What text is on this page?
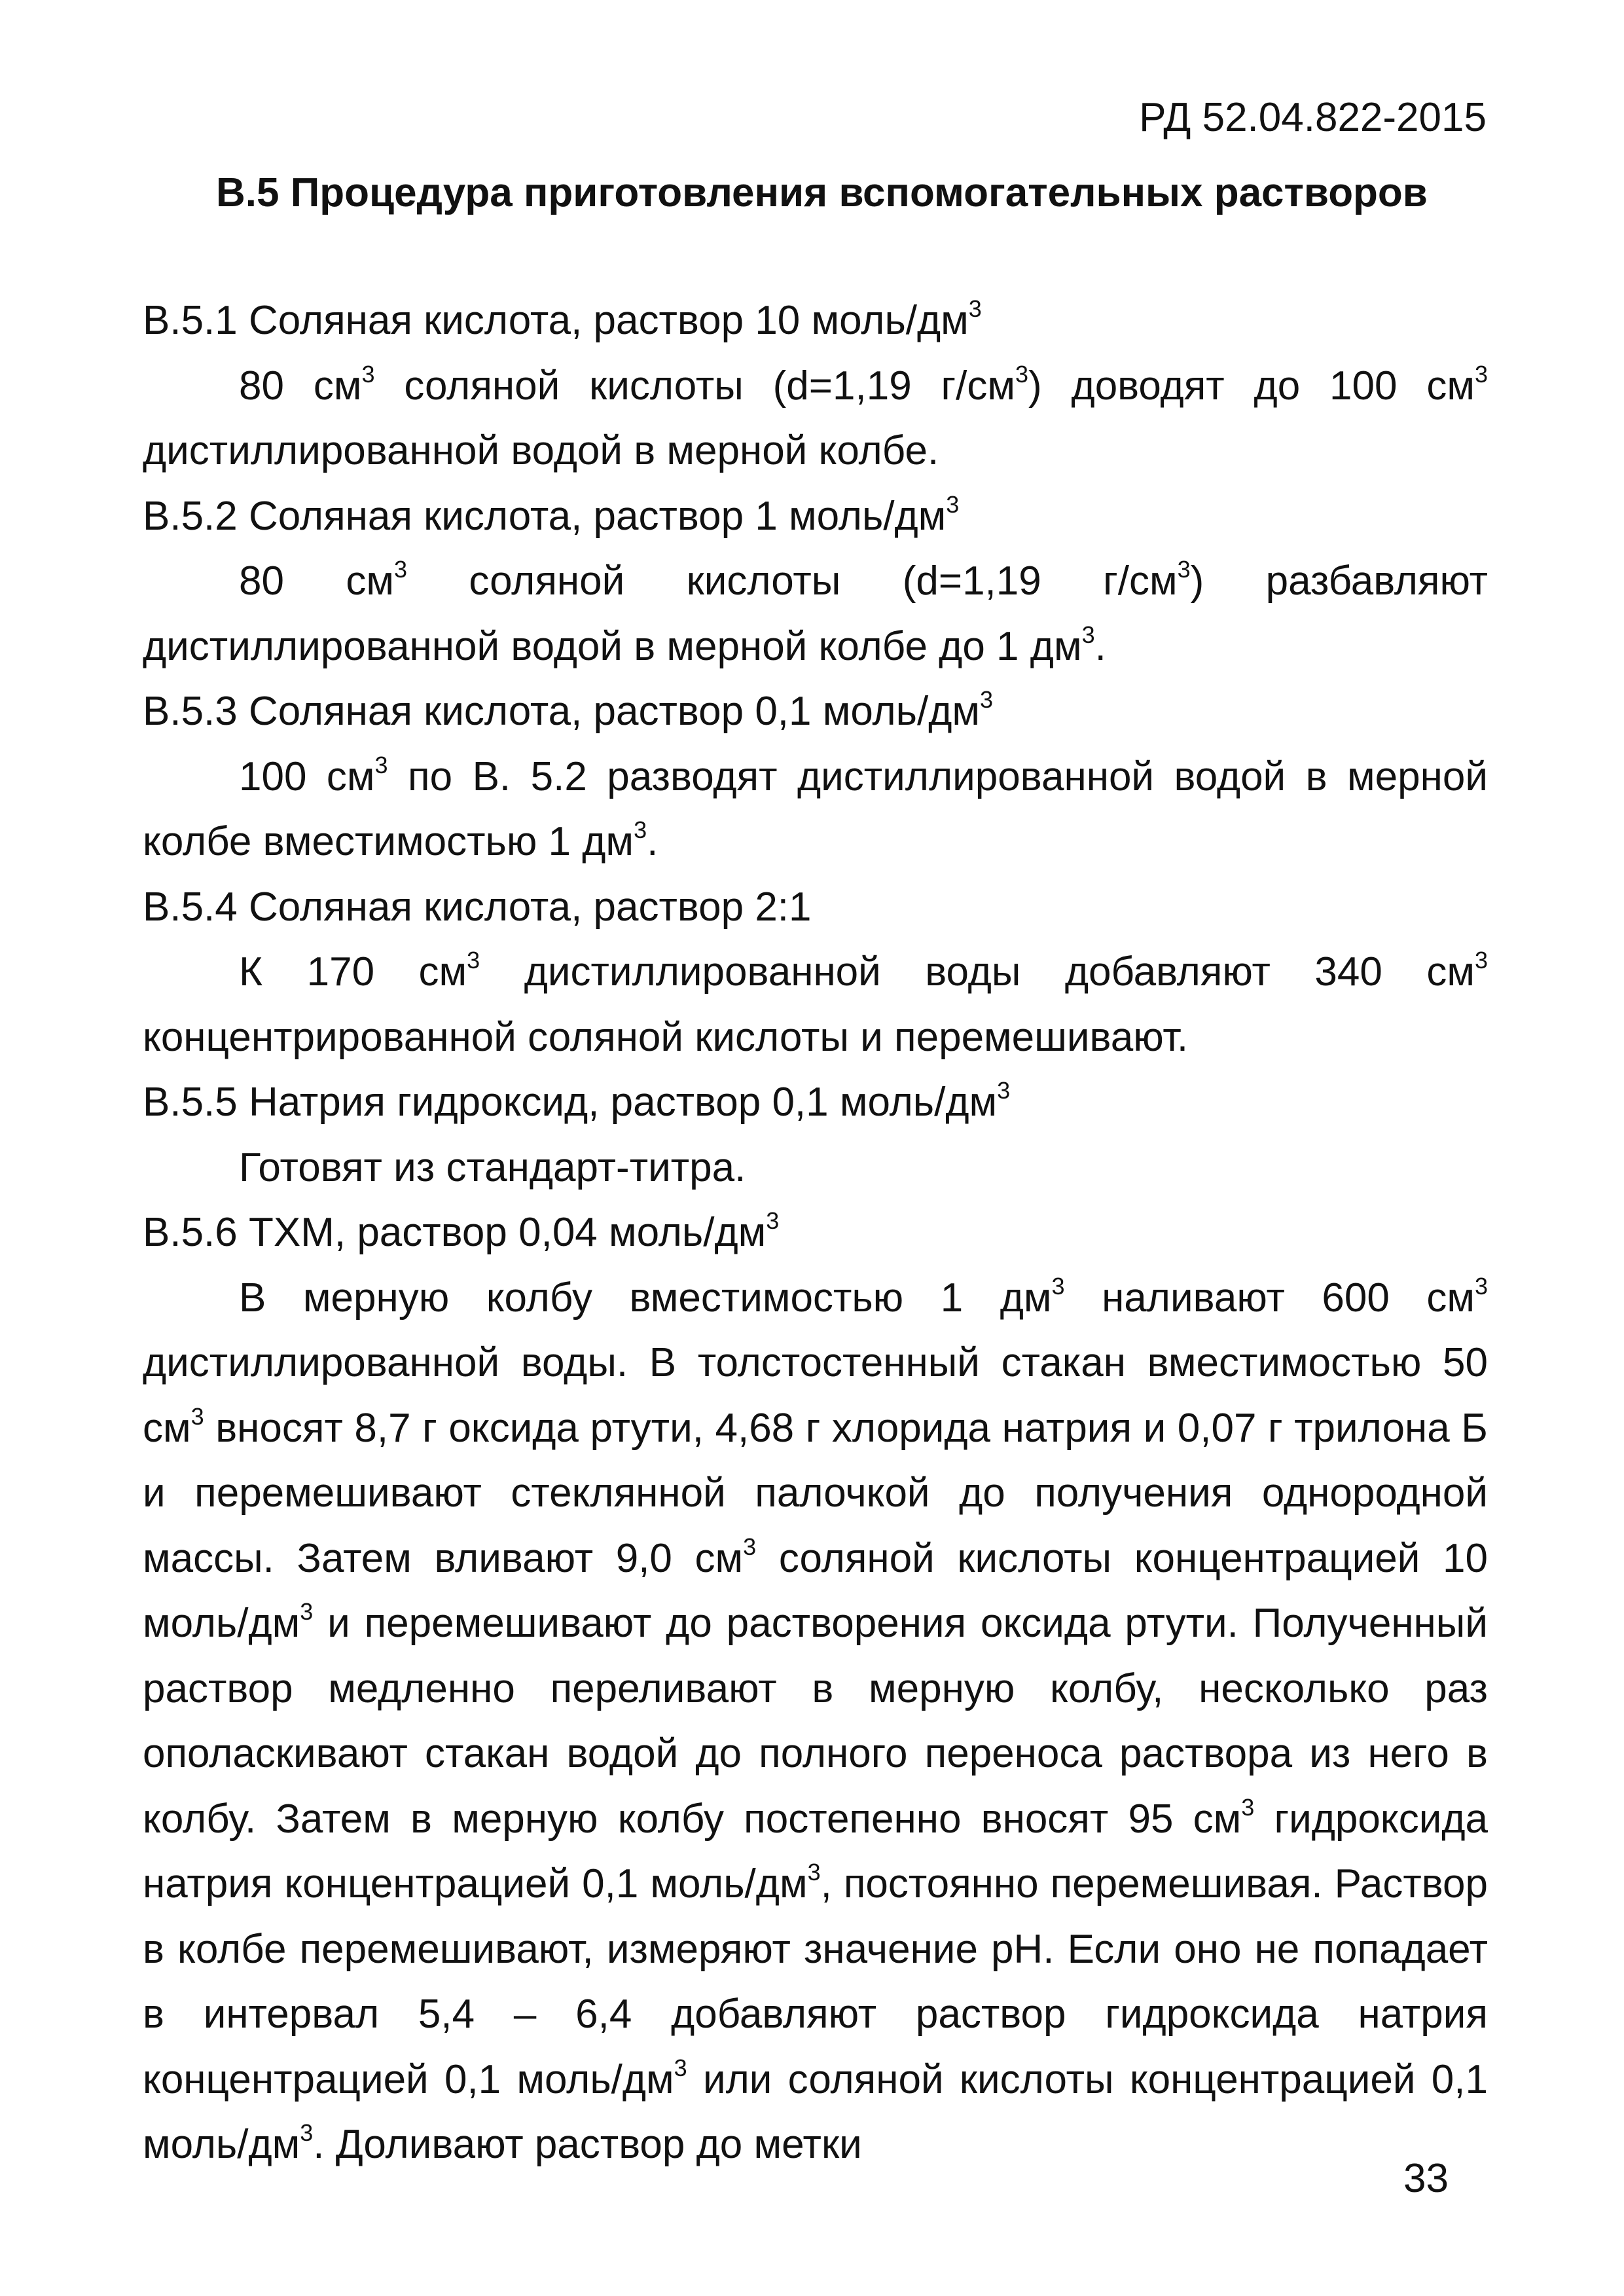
РД 52.04.822-2015
В.5 Процедура приготовления вспомогательных растворов

В.5.1 Соляная кислота, раствор 10 моль/$дм^3$

80 $см^3$ соляной кислоты (d=1,19 $г/см^3$) доводят до 100 $см^3$ дистиллированной водой в мерной колбе.

В.5.2 Соляная кислота, раствор 1 моль/$дм^3$

80 $см^3$ соляной кислоты (d=1,19 $г/см^3$) разбавляют дистиллированной водой в мерной колбе до 1 $дм^3$.

В.5.3 Соляная кислота, раствор 0,1 моль/$дм^3$

100 $см^3$ по В. 5.2 разводят дистиллированной водой в мерной колбе вместимостью 1 $дм^3$.

В.5.4 Соляная кислота, раствор 2:1

К 170 $см^3$ дистиллированной воды добавляют 340 $см^3$ концентрированной соляной кислоты и перемешивают.

В.5.5 Натрия гидроксид, раствор 0,1 моль/$дм^3$

Готовят из стандарт-титра.

В.5.6 ТХМ, раствор 0,04 моль/$дм^3$

В мерную колбу вместимостью 1 $дм^3$ наливают 600 $см^3$ дистиллированной воды. В толстостенный стакан вместимостью 50 $см^3$ вносят 8,7 г оксида ртути, 4,68 г хлорида натрия и 0,07 г трилона Б и перемешивают стеклянной палочкой до получения однородной массы. Затем вливают 9,0 $см^3$ соляной кислоты концентрацией 10 моль/$дм^3$ и перемешивают до растворения оксида ртути. Полученный раствор медленно переливают в мерную колбу, несколько раз ополаскивают стакан водой до полного переноса раствора из него в колбу. Затем в мерную колбу постепенно вносят 95 $см^3$ гидроксида натрия концентрацией 0,1 моль/$дм^3$, постоянно перемешивая. Раствор в колбе перемешивают, измеряют значение рН. Если оно не попадает в интервал 5,4 – 6,4 добавляют раствор гидроксида натрия концентрацией 0,1 моль/$дм^3$ или соляной кислоты концентрацией 0,1 моль/$дм^3$. Доливают раствор до метки

33
